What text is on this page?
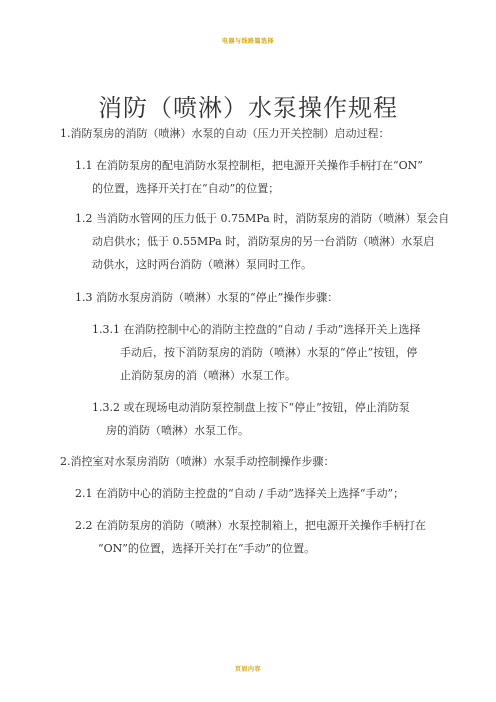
电器与线路篇选择
消防（喷淋）水泵操作规程
1.消防泵房的消防（喷淋）水泵的自动（压力开关控制）启动过程：
1.1 在消防泵房的配电消防水泵控制柜，把电源开关操作手柄打在“ON”
的位置，选择开关打在“自动”的位置；
1.2 当消防水管网的压力低于 0.75MPa 时，消防泵房的消防（喷淋）泵会自
动启供水；低于 0.55MPa 时，消防泵房的另一台消防（喷淋）水泵启
动供水，这时两台消防（喷淋）泵同时工作。
1.3 消防水泵房消防（喷淋）水泵的“停止”操作步骤：
1.3.1 在消防控制中心的消防主控盘的“自动 / 手动”选择开关上选择
手动后，按下消防泵房的消防（喷淋）水泵的“停止”按钮，停
止消防泵房的消（喷淋）水泵工作。
1.3.2 或在现场电动消防泵控制盘上按下“停止”按钮，停止消防泵
房的消防（喷淋）水泵工作。
2.消控室对水泵房消防（喷淋）水泵手动控制操作步骤：
2.1 在消防中心的消防主控盘的“自动 / 手动”选择关上选择“手动”；
2.2 在消防泵房的消防（喷淋）水泵控制箱上，把电源开关操作手柄打在
“ON”的位置，选择开关打在“手动”的位置。
页眉内容
